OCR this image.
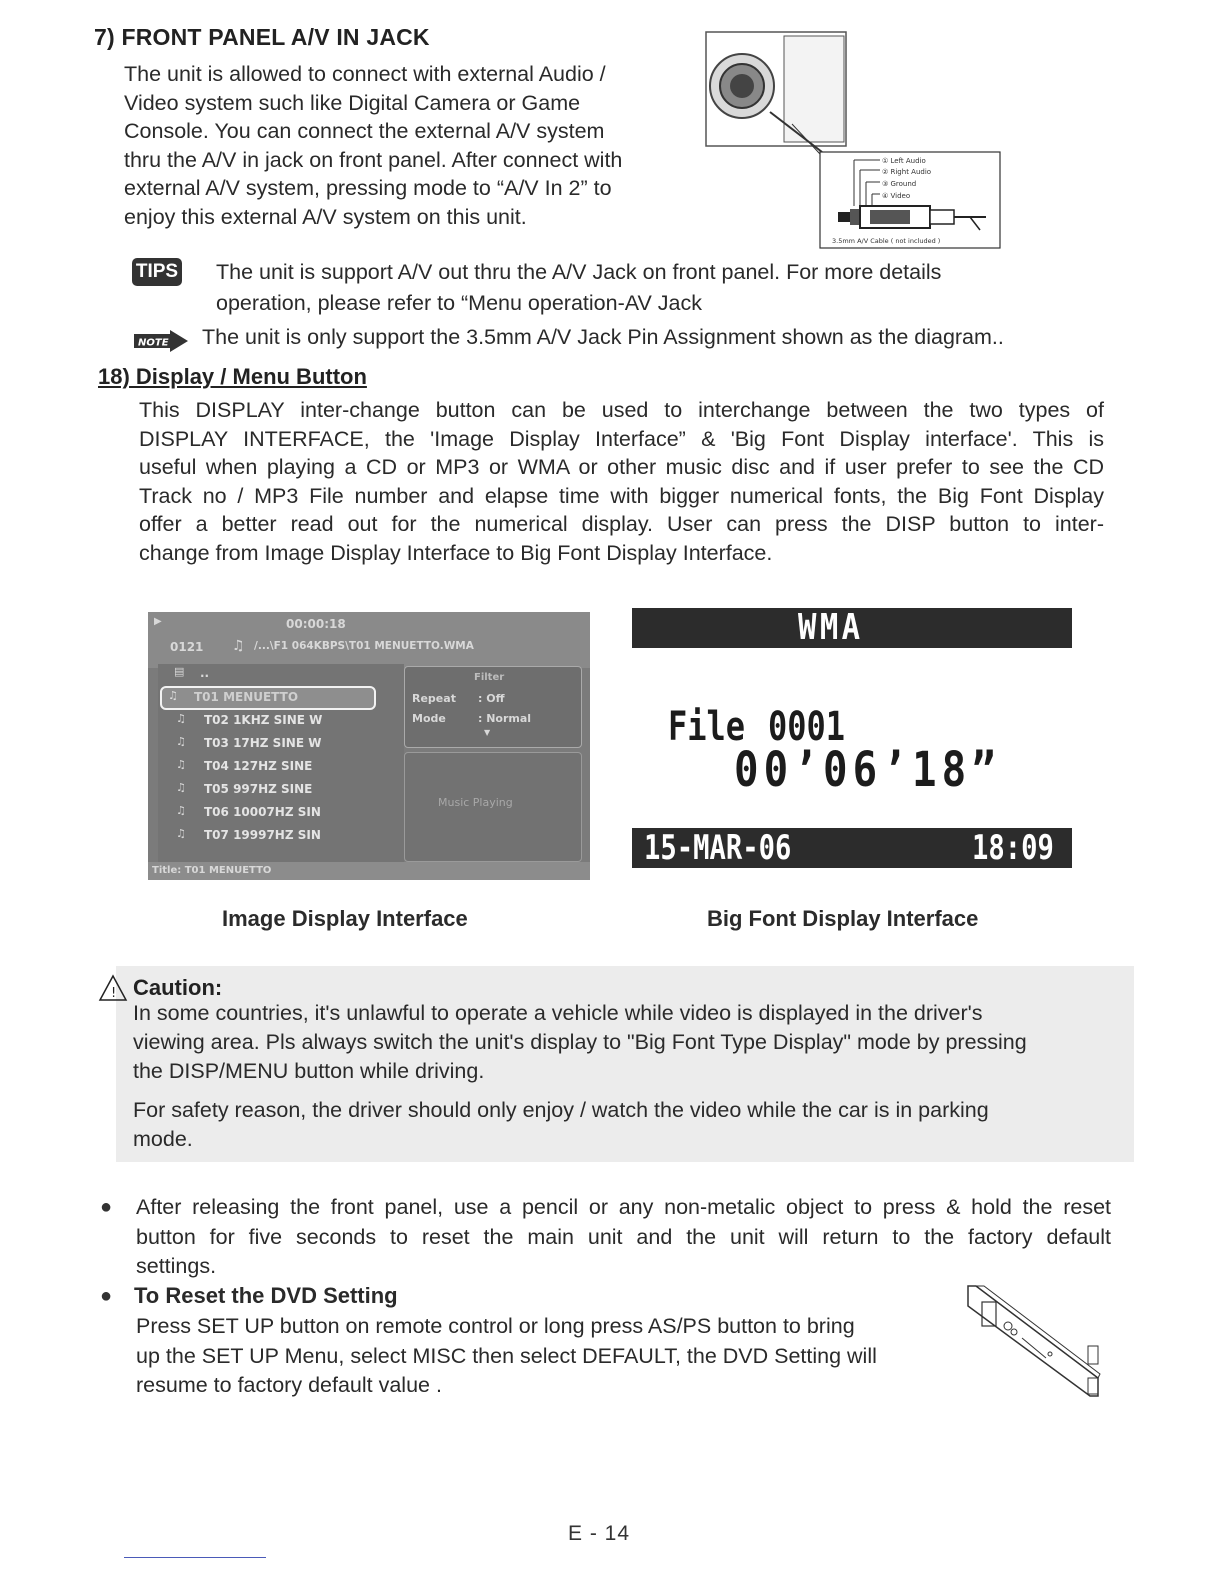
7) FRONT PANEL A/V IN JACK
The unit is allowed to connect with external Audio /
Video system such like Digital Camera or Game
Console. You can connect the external A/V system
thru the A/V in jack on front panel. After connect with
external A/V system, pressing mode to “A/V In 2” to
enjoy this external A/V system on this unit.
① Left Audio
② Right Audio
③ Ground
④ Video
3.5mm A/V Cable ( not included )
TIPS The unit is support A/V out thru the A/V Jack on front panel. For more details
operation, please refer to “Menu operation-AV Jack
NOTE The unit is only support the 3.5mm A/V Jack Pin Assignment shown as the diagram..
18) Display / Menu Button
This DISPLAY inter-change button can be used to interchange between the two types of
DISPLAY INTERFACE, the 'Image Display Interface” & 'Big Font Display interface'. This is
useful when playing a CD or MP3 or WMA or other music disc and if user prefer to see the CD
Track no / MP3 File number and elapse time with bigger numerical fonts, the Big Font Display
offer a better read out for the numerical display. User can press the DISP button to inter-
change from Image Display Interface to Big Font Display Interface.
▶	00:00:18
0121 ♫ /...\F1 064KBPS\T01 MENUETTO.WMA
▤ ..
♫ T01 MENUETTO
♫ T02 1KHZ SINE W
♫ T03 17HZ SINE W
♫ T04 127HZ SINE
♫ T05 997HZ SINE
♫ T06 10007HZ SIN
♫ T07 19997HZ SIN
Filter
Repeat : Off
Mode	: Normal
▼
Music Playing
Title: T01 MENUETTO
WMA
File 0001
00’06’18”
15-MAR-06	18:09
Image Display Interface	Big Font Display Interface
! Caution:
In some countries, it's unlawful to operate a vehicle while video is displayed in the driver's
viewing area. Pls always switch the unit's display to "Big Font Type Display" mode by pressing
the DISP/MENU button while driving.
For safety reason, the driver should only enjoy / watch the video while the car is in parking
mode.
● After releasing the front panel, use a pencil or any non-metalic object to press & hold the reset
button for five seconds to reset the main unit and the unit will return to the factory default
settings.
● To Reset the DVD Setting
Press SET UP button on remote control or long press AS/PS button to bring
up the SET UP Menu, select MISC then select DEFAULT, the DVD Setting will
resume to factory default value .
E - 14
